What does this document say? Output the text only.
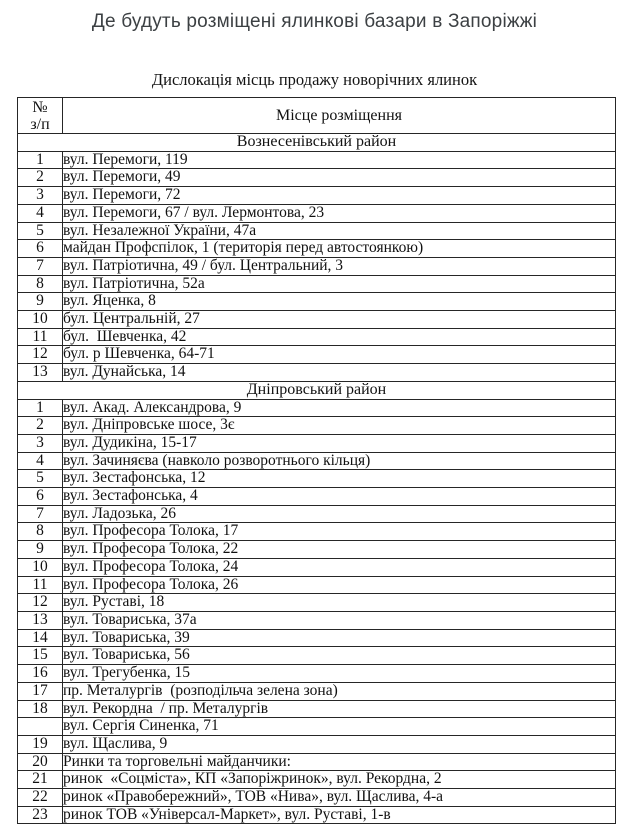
Де будуть розміщені ялинкові базари в Запоріжжі
Дислокація місць продажу новорічних ялинок
№
з/п	Місце розміщення
Вознесенівський район	
1	вул. Перемоги, 119
2	вул. Перемоги, 49
3	вул. Перемоги, 72
4	вул. Перемоги, 67 / вул. Лермонтова, 23
5	вул. Незалежної України, 47а
6	майдан Профспілок, 1 (територія перед автостоянкою)
7	вул. Патріотична, 49 / бул. Центральний, 3
8	вул. Патріотична, 52а
9	вул. Яценка, 8
10	бул. Центральній, 27
11	бул.  Шевченка, 42
12	бул. р Шевченка, 64-71
13	вул. Дунайська, 14
Дніпровський район	
1	вул. Акад. Александрова, 9
2	вул. Дніпровське шосе, 3є
3	вул. Дудикіна, 15-17
4	вул. Зачиняєва (навколо розворотнього кільця)
5	вул. Зестафонська, 12
6	вул. Зестафонська, 4
7	вул. Ладозька, 26
8	вул. Професора Толока, 17
9	вул. Професора Толока, 22
10	вул. Професора Толока, 24
11	вул. Професора Толока, 26
12	вул. Руставі, 18
13	вул. Товариська, 37а
14	вул. Товариська, 39
15	вул. Товариська, 56
16	вул. Трегубенка, 15
17	пр. Металургів  (розподільча зелена зона)
18	вул. Рекордна  / пр. Металургів
	вул. Сергія Синенка, 71
19	вул. Щаслива, 9
20	Ринки та торговельні майданчики:
21	ринок  «Соцміста», КП «Запоріжринок», вул. Рекордна, 2
22	ринок «Правобережний», ТОВ «Нива», вул. Щаслива, 4-а
23	ринок ТОВ «Універсал-Маркет», вул. Руставі, 1-в
